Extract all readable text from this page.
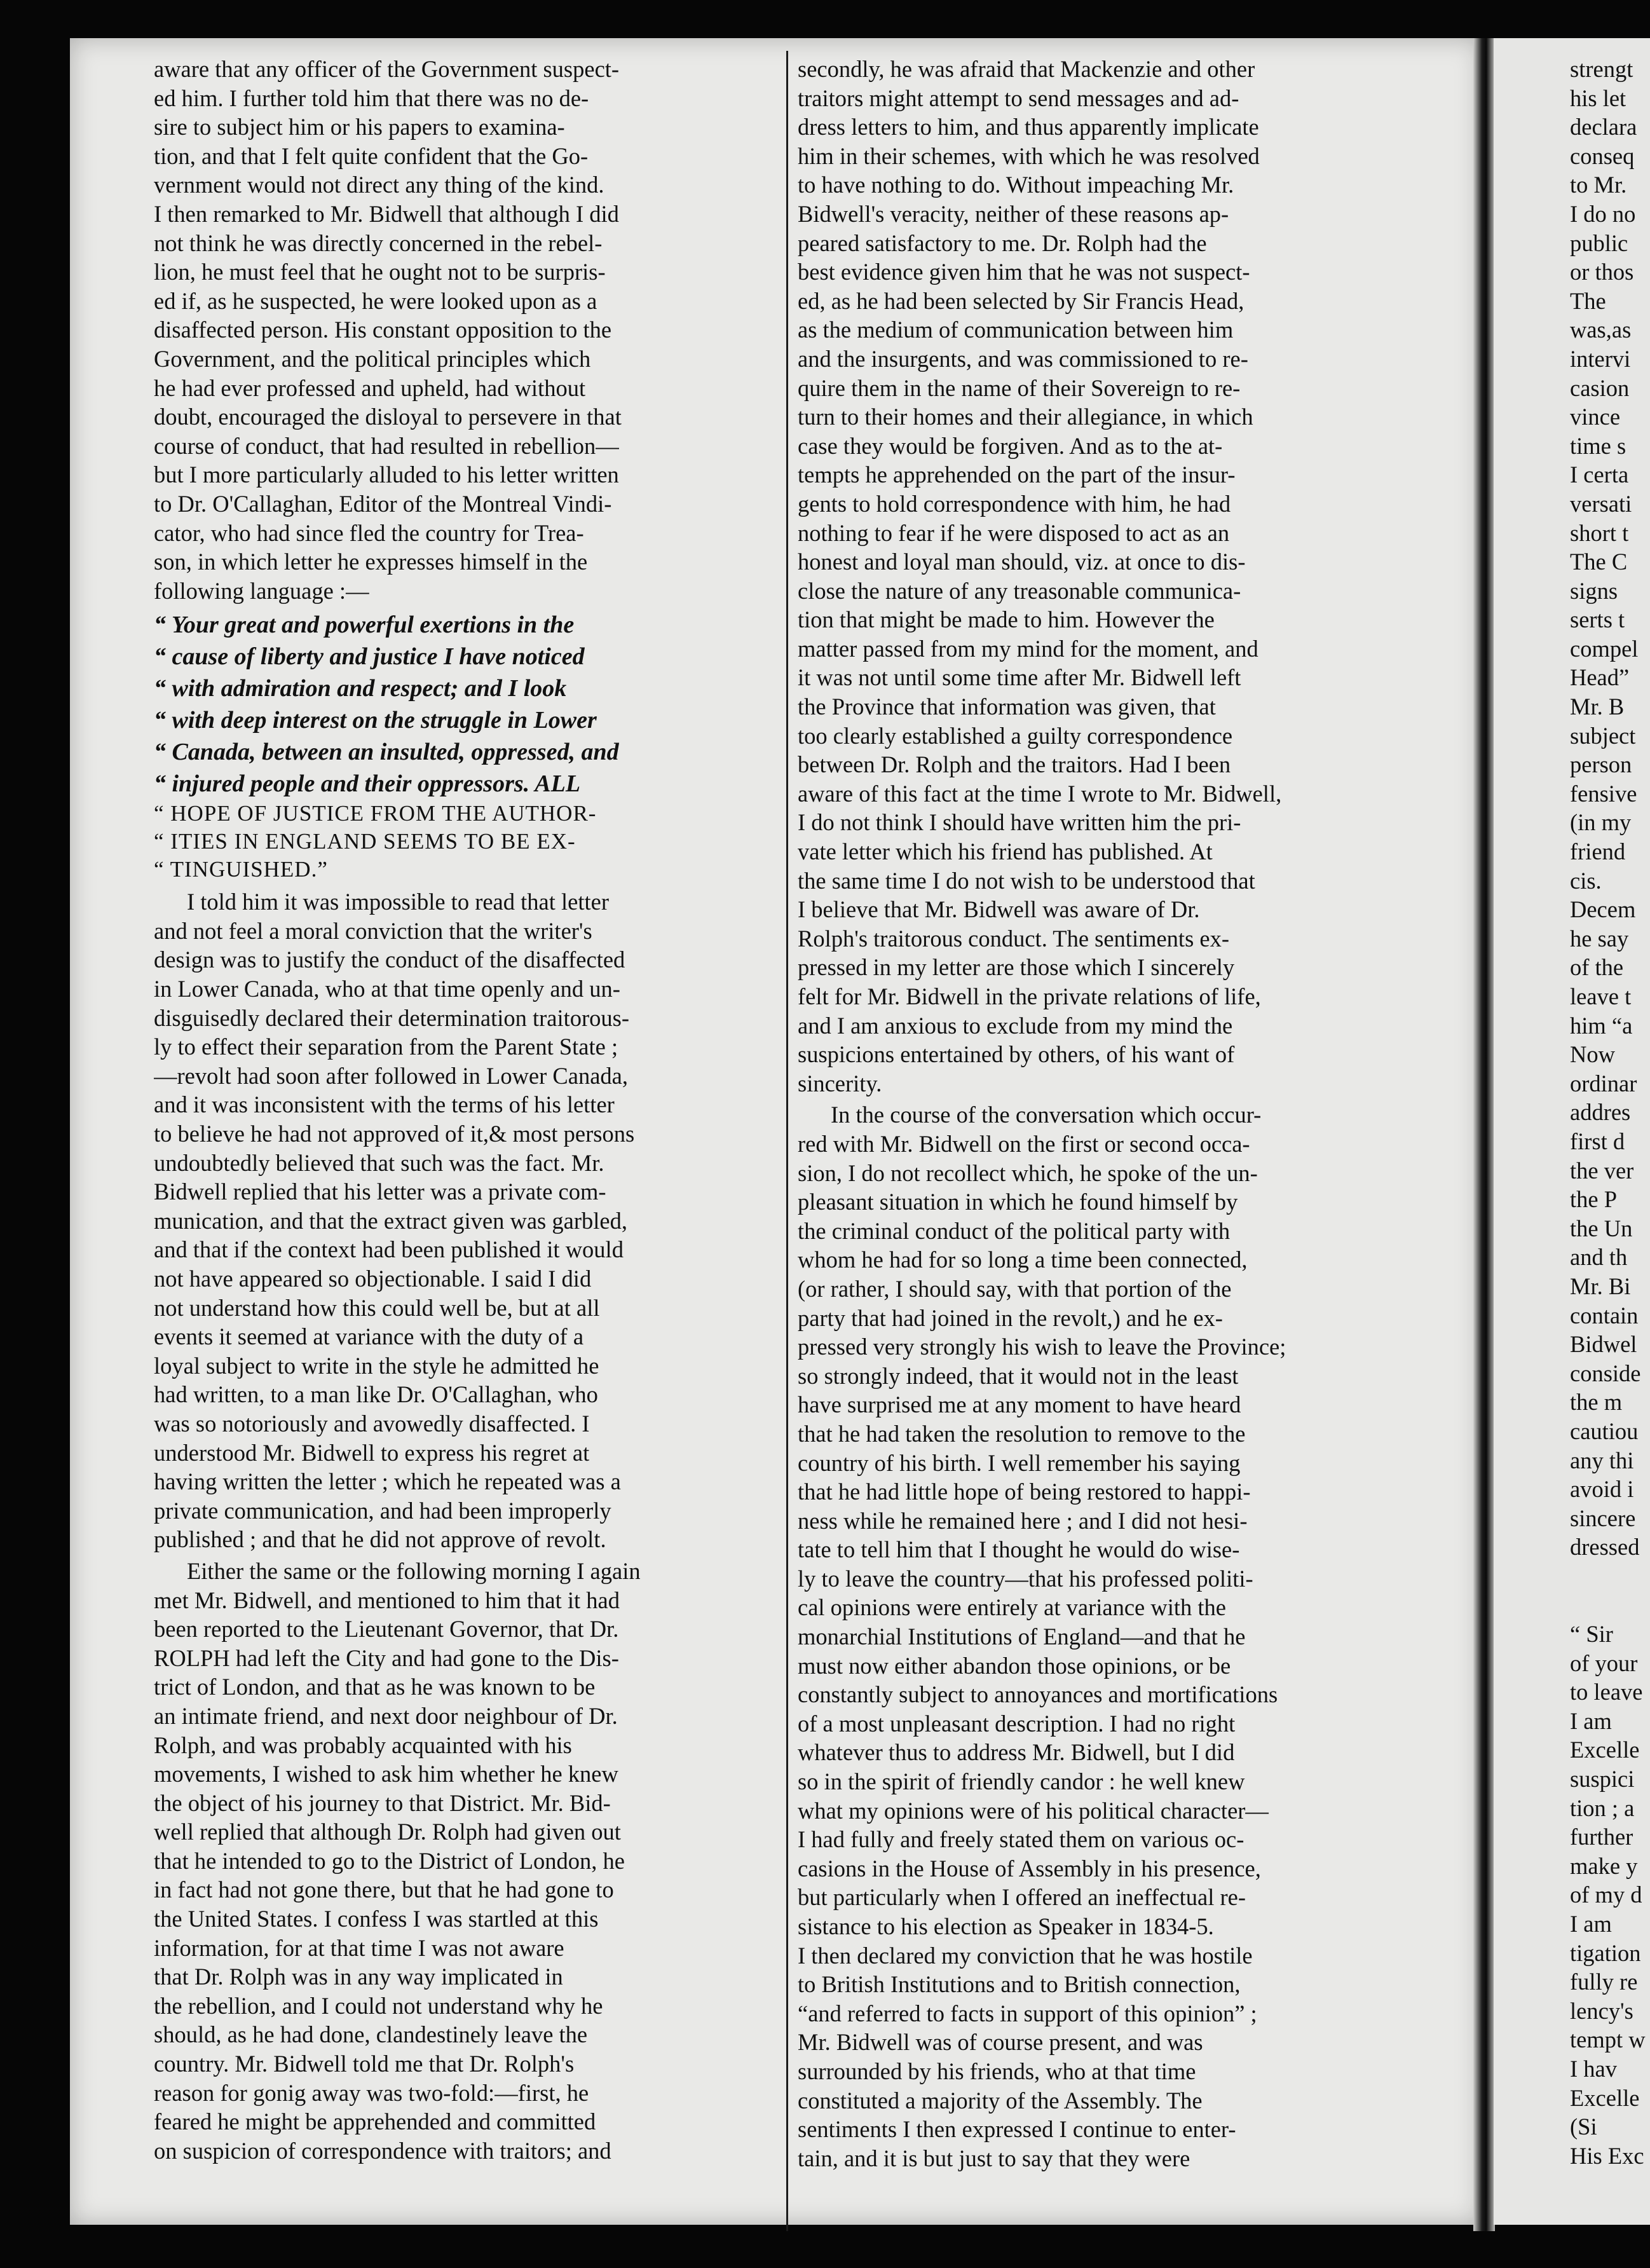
aware that any officer of the Government suspect-
ed him. I further told him that there was no de-
sire to subject him or his papers to examina-
tion, and that I felt quite confident that the Go-
vernment would not direct any thing of the kind.
I then remarked to Mr. Bidwell that although I did
not think he was directly concerned in the rebel-
lion, he must feel that he ought not to be surpris-
ed if, as he suspected, he were looked upon as a
disaffected person. His constant opposition to the
Government, and the political principles which
he had ever professed and upheld, had without
doubt, encouraged the disloyal to persevere in that
course of conduct, that had resulted in rebellion—
but I more particularly alluded to his letter written
to Dr. O'Callaghan, Editor of the Montreal Vindi-
cator, who had since fled the country for Trea-
son, in which letter he expresses himself in the
following language :—
“ Your great and powerful exertions in the
“ cause of liberty and justice I have noticed
“ with admiration and respect; and I look
“ with deep interest on the struggle in Lower
“ Canada, between an insulted, oppressed, and
“ injured people and their oppressors. ALL
“ HOPE OF JUSTICE FROM THE AUTHOR-
“ ITIES IN ENGLAND SEEMS TO BE EX-
“ TINGUISHED.”
I told him it was impossible to read that letter
and not feel a moral conviction that the writer's
design was to justify the conduct of the disaffected
in Lower Canada, who at that time openly and un-
disguisedly declared their determination traitorous-
ly to effect their separation from the Parent State ;
—revolt had soon after followed in Lower Canada,
and it was inconsistent with the terms of his letter
to believe he had not approved of it,& most persons
undoubtedly believed that such was the fact. Mr.
Bidwell replied that his letter was a private com-
munication, and that the extract given was garbled,
and that if the context had been published it would
not have appeared so objectionable. I said I did
not understand how this could well be, but at all
events it seemed at variance with the duty of a
loyal subject to write in the style he admitted he
had written, to a man like Dr. O'Callaghan, who
was so notoriously and avowedly disaffected. I
understood Mr. Bidwell to express his regret at
having written the letter ; which he repeated was a
private communication, and had been improperly
published ; and that he did not approve of revolt.
Either the same or the following morning I again
met Mr. Bidwell, and mentioned to him that it had
been reported to the Lieutenant Governor, that Dr.
ROLPH had left the City and had gone to the Dis-
trict of London, and that as he was known to be
an intimate friend, and next door neighbour of Dr.
Rolph, and was probably acquainted with his
movements, I wished to ask him whether he knew
the object of his journey to that District. Mr. Bid-
well replied that although Dr. Rolph had given out
that he intended to go to the District of London, he
in fact had not gone there, but that he had gone to
the United States. I confess I was startled at this
information, for at that time I was not aware
that Dr. Rolph was in any way implicated in
the rebellion, and I could not understand why he
should, as he had done, clandestinely leave the
country. Mr. Bidwell told me that Dr. Rolph's
reason for gonig away was two-fold:—first, he
feared he might be apprehended and committed
on suspicion of correspondence with traitors; and
secondly, he was afraid that Mackenzie and other
traitors might attempt to send messages and ad-
dress letters to him, and thus apparently implicate
him in their schemes, with which he was resolved
to have nothing to do. Without impeaching Mr.
Bidwell's veracity, neither of these reasons ap-
peared satisfactory to me. Dr. Rolph had the
best evidence given him that he was not suspect-
ed, as he had been selected by Sir Francis Head,
as the medium of communication between him
and the insurgents, and was commissioned to re-
quire them in the name of their Sovereign to re-
turn to their homes and their allegiance, in which
case they would be forgiven. And as to the at-
tempts he apprehended on the part of the insur-
gents to hold correspondence with him, he had
nothing to fear if he were disposed to act as an
honest and loyal man should, viz. at once to dis-
close the nature of any treasonable communica-
tion that might be made to him. However the
matter passed from my mind for the moment, and
it was not until some time after Mr. Bidwell left
the Province that information was given, that
too clearly established a guilty correspondence
between Dr. Rolph and the traitors. Had I been
aware of this fact at the time I wrote to Mr. Bidwell,
I do not think I should have written him the pri-
vate letter which his friend has published. At
the same time I do not wish to be understood that
I believe that Mr. Bidwell was aware of Dr.
Rolph's traitorous conduct. The sentiments ex-
pressed in my letter are those which I sincerely
felt for Mr. Bidwell in the private relations of life,
and I am anxious to exclude from my mind the
suspicions entertained by others, of his want of
sincerity.
In the course of the conversation which occur-
red with Mr. Bidwell on the first or second occa-
sion, I do not recollect which, he spoke of the un-
pleasant situation in which he found himself by
the criminal conduct of the political party with
whom he had for so long a time been connected,
(or rather, I should say, with that portion of the
party that had joined in the revolt,) and he ex-
pressed very strongly his wish to leave the Province;
so strongly indeed, that it would not in the least
have surprised me at any moment to have heard
that he had taken the resolution to remove to the
country of his birth. I well remember his saying
that he had little hope of being restored to happi-
ness while he remained here ; and I did not hesi-
tate to tell him that I thought he would do wise-
ly to leave the country—that his professed politi-
cal opinions were entirely at variance with the
monarchial Institutions of England—and that he
must now either abandon those opinions, or be
constantly subject to annoyances and mortifications
of a most unpleasant description. I had no right
whatever thus to address Mr. Bidwell, but I did
so in the spirit of friendly candor : he well knew
what my opinions were of his political character—
I had fully and freely stated them on various oc-
casions in the House of Assembly in his presence,
but particularly when I offered an ineffectual re-
sistance to his election as Speaker in 1834-5.
I then declared my conviction that he was hostile
to British Institutions and to British connection,
“and referred to facts in support of this opinion” ;
Mr. Bidwell was of course present, and was
surrounded by his friends, who at that time
constituted a majority of the Assembly. The
sentiments I then expressed I continue to enter-
tain, and it is but just to say that they were
strengt
his let
declara
conseq
to Mr.
I do no
public
or thos
The
was,as
intervi
casion
vince
time s
I certa
versati
short t
The C
signs
serts t
compel
Head”
Mr. B
subject
person
fensive
(in my
friend
cis.
Decem
he say
of the
leave t
him “a
Now
ordinar
addres
first d
the ver
the P
the Un
and th
Mr. Bi
contain
Bidwel
conside
the m
cautiou
any thi
avoid i
sincere
dressed

“ Sir
of your
to leave
I am
Excelle
suspici
tion ; a
further
make y
of my d
I am
tigation
fully re
lency's
tempt w
I hav
Excelle
(Si
His Exc
